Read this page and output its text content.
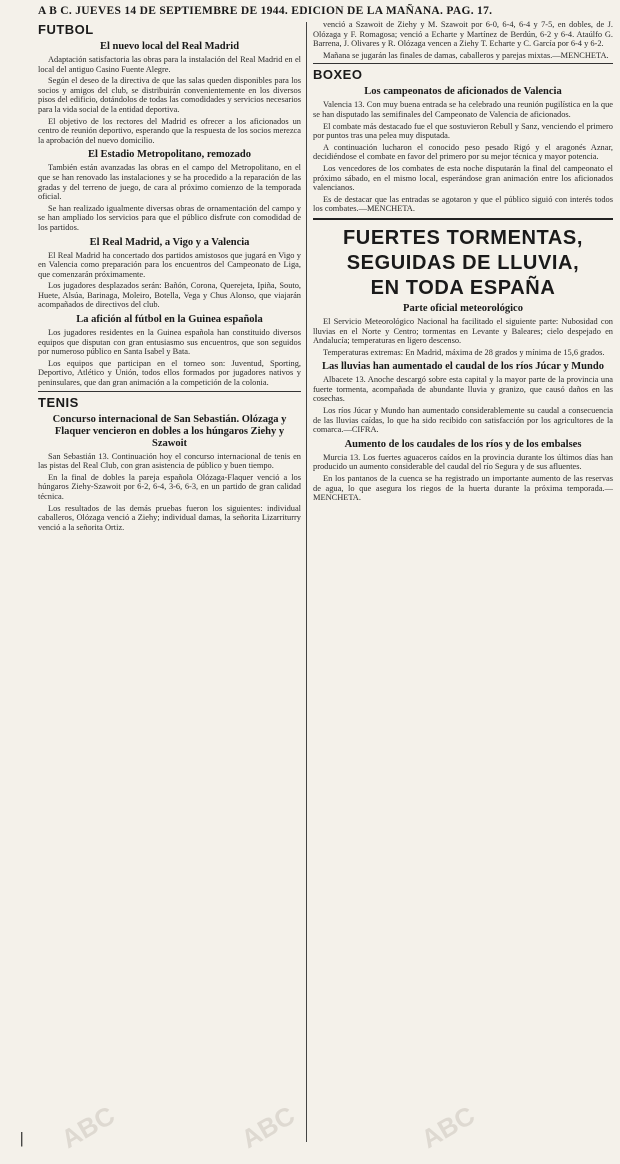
A B C. JUEVES 14 DE SEPTIEMBRE DE 1944. EDICION DE LA MAÑANA. PAG. 17.
FUTBOL
El nuevo local del Real Madrid

Adaptación satisfactoria las obras para la instalación del Real Madrid en el local del antiguo Casino Fuente Alegre.

Según el deseo de la directiva de que las salas queden disponibles para los socios y amigos del club, se distribuirán convenientemente en los diversos pisos del edificio, dotándolos de todas las comodidades y servicios necesarios para la vida social de la entidad deportiva.

El objetivo de los rectores del Madrid es ofrecer a los aficionados un centro de reunión deportivo, esperando que la respuesta de los socios merezca la aprobación del nuevo domicilio.

El Estadio Metropolitano, remozado

También están avanzadas las obras en el campo del Metropolitano, en el que se han renovado las instalaciones y se ha procedido a la reparación de las gradas y del terreno de juego, de cara al próximo comienzo de la temporada oficial.

Se han realizado igualmente diversas obras de ornamentación del campo y se han ampliado los servicios para que el público disfrute con comodidad de los partidos.

El Real Madrid, a Vigo y a Valencia

El Real Madrid ha concertado dos partidos amistosos que jugará en Vigo y en Valencia como preparación para los encuentros del Campeonato de Liga, que comenzarán próximamente.

Los jugadores desplazados serán: Bañón, Corona, Querejeta, Ipiña, Souto, Huete, Alsúa, Barinaga, Moleiro, Botella, Vega y Chus Alonso, que viajarán acompañados de directivos del club.

La afición al fútbol en la Guinea española

Los jugadores residentes en la Guinea española han constituido diversos equipos que disputan con gran entusiasmo sus encuentros, que son seguidos por numeroso público en Santa Isabel y Bata.

Los equipos que participan en el torneo son: Juventud, Sporting, Deportivo, Atlético y Unión, todos ellos formados por jugadores nativos y peninsulares, que dan gran animación a la competición de la colonia.

TENIS
Concurso internacional de San Sebastián. Olózaga y Flaquer vencieron en dobles a los húngaros Ziehy y Szawoit

San Sebastián 13. Continuación hoy el concurso internacional de tenis en las pistas del Real Club, con gran asistencia de público y buen tiempo.

En la final de dobles la pareja española Olózaga-Flaquer venció a los húngaros Ziehy-Szawoit por 6-2, 6-4, 3-6, 6-3, en un partido de gran calidad técnica.

Los resultados de las demás pruebas fueron los siguientes: individual caballeros, Olózaga venció a Ziehy; individual damas, la señorita Lizarriturry venció a la señorita Ortiz.

venció a Szawoit de Ziehy y M. Szawoit por 6-0, 6-4, 6-4 y 7-5, en dobles, de J. Olózaga y F. Romagosa; venció a Echarte y Martínez de Berdún, 6-2 y 6-4. Ataúlfo G. Barrena, J. Olivares y R. Olózaga vencen a Ziehy T. Echarte y C. García por 6-4 y 6-2.

Mañana se jugarán las finales de damas, caballeros y parejas mixtas.—MENCHETA.

BOXEO
Los campeonatos de aficionados de Valencia

Valencia 13. Con muy buena entrada se ha celebrado una reunión pugilística en la que se han disputado las semifinales del Campeonato de Valencia de aficionados.

El combate más destacado fue el que sostuvieron Rebull y Sanz, venciendo el primero por puntos tras una pelea muy disputada.

A continuación lucharon el conocido peso pesado Rigó y el aragonés Aznar, decidiéndose el combate en favor del primero por su mejor técnica y mayor potencia.

Los vencedores de los combates de esta noche disputarán la final del campeonato el próximo sábado, en el mismo local, esperándose gran animación entre los aficionados valencianos.

Es de destacar que las entradas se agotaron y que el público siguió con interés todos los combates.—MENCHETA.

FUERTES TORMENTAS,
SEGUIDAS DE LLUVIA,
EN TODA ESPAÑA
Parte oficial meteorológico

El Servicio Meteorológico Nacional ha facilitado el siguiente parte: Nubosidad con lluvias en el Norte y Centro; tormentas en Levante y Baleares; cielo despejado en Andalucía; temperaturas en ligero descenso.

Temperaturas extremas: En Madrid, máxima de 28 grados y mínima de 15,6 grados.

Las lluvias han aumentado el caudal de los ríos Júcar y Mundo

Albacete 13. Anoche descargó sobre esta capital y la mayor parte de la provincia una fuerte tormenta, acompañada de abundante lluvia y granizo, que causó daños en las cosechas.

Los ríos Júcar y Mundo han aumentado considerablemente su caudal a consecuencia de las lluvias caídas, lo que ha sido recibido con satisfacción por los agricultores de la comarca.—CIFRA.

Aumento de los caudales de los ríos y de los embalses

Murcia 13. Los fuertes aguaceros caídos en la provincia durante los últimos días han producido un aumento considerable del caudal del río Segura y de sus afluentes.

En los pantanos de la cuenca se ha registrado un importante aumento de las reservas de agua, lo que asegura los riegos de la huerta durante la próxima temporada.—MENCHETA.

| ABC	ABC	ABC
